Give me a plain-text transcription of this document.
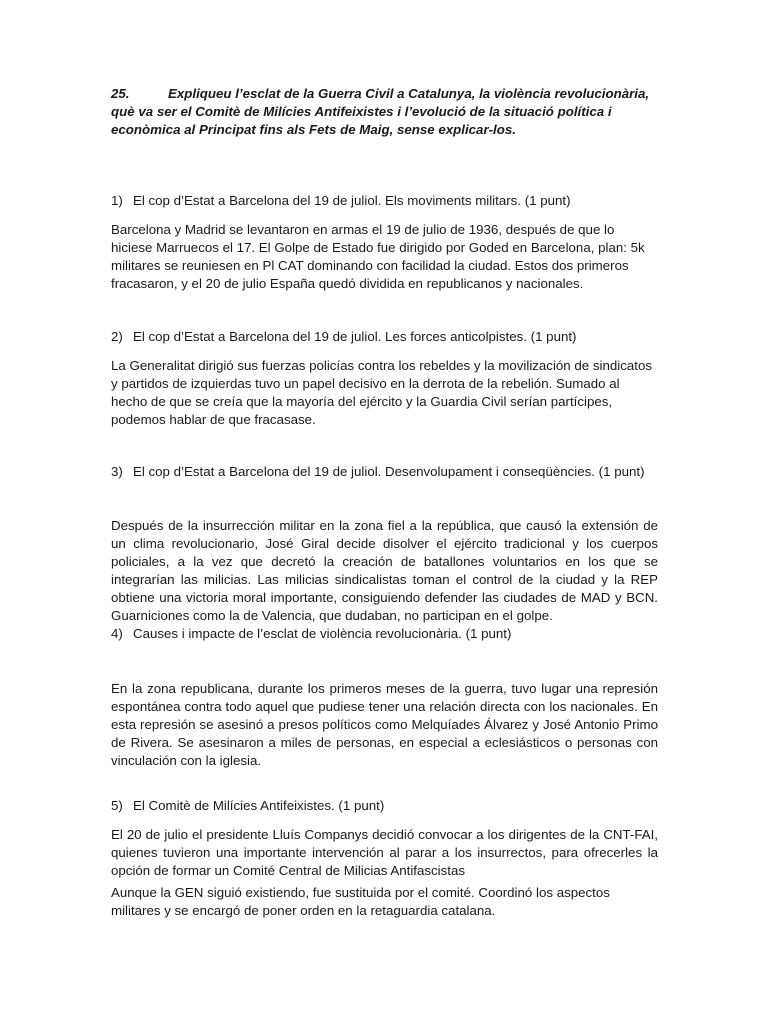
25.	Expliqueu l’esclat de la Guerra Civil a Catalunya, la violència revolucionària, què va ser el Comitè de Milícies Antifeixistes i l’evolució de la situació política i econòmica al Principat fins als Fets de Maig, sense explicar-los.
1) El cop d’Estat a Barcelona del 19 de juliol. Els moviments militars. (1 punt)
Barcelona y Madrid se levantaron en armas el 19 de julio de 1936, después de que lo hiciese Marruecos el 17. El Golpe de Estado fue dirigido por Goded en Barcelona, plan: 5k militares se reuniesen en Pl CAT dominando con facilidad la ciudad. Estos dos primeros fracasaron, y el 20 de julio España quedó dividida en republicanos y nacionales.
2) El cop d’Estat a Barcelona del 19 de juliol. Les forces anticolpistes. (1 punt)
La Generalitat dirigió sus fuerzas policías contra los rebeldes y la movilización de sindicatos y partidos de izquierdas tuvo un papel decisivo en la derrota de la rebelión. Sumado al hecho de que se creía que la mayoría del ejército y la Guardia Civil serían partícipes, podemos hablar de que fracasase.
3) El cop d’Estat a Barcelona del 19 de juliol. Desenvolupament i conseqüències. (1 punt)
Después de la insurrección militar en la zona fiel a la república, que causó la extensión de un clima revolucionario, José Giral decide disolver el ejército tradicional y los cuerpos policiales, a la vez que decretó la creación de batallones voluntarios en los que se integrarían las milicias. Las milicias sindicalistas toman el control de la ciudad y la REP obtiene una victoria moral importante, consiguiendo defender las ciudades de MAD y BCN. Guarniciones como la de Valencia, que dudaban, no participan en el golpe.
4) Causes i impacte de l’esclat de violència revolucionària. (1 punt)
En la zona republicana, durante los primeros meses de la guerra, tuvo lugar una represión espontánea contra todo aquel que pudiese tener una relación directa con los nacionales. En esta represión se asesinó a presos políticos como Melquíades Álvarez y José Antonio Primo de Rivera. Se asesinaron a miles de personas, en especial a eclesiásticos o personas con vinculación con la iglesia.
5) El Comitè de Milícies Antifeixistes. (1 punt)
El 20 de julio el presidente Lluís Companys decidió convocar a los dirigentes de la CNT-FAI, quienes tuvieron una importante intervención al parar a los insurrectos, para ofrecerles la opción de formar un Comité Central de Milicias Antifascistas
Aunque la GEN siguió existiendo, fue sustituida por el comité. Coordinó los aspectos militares y se encargó de poner orden en la retaguardia catalana.
